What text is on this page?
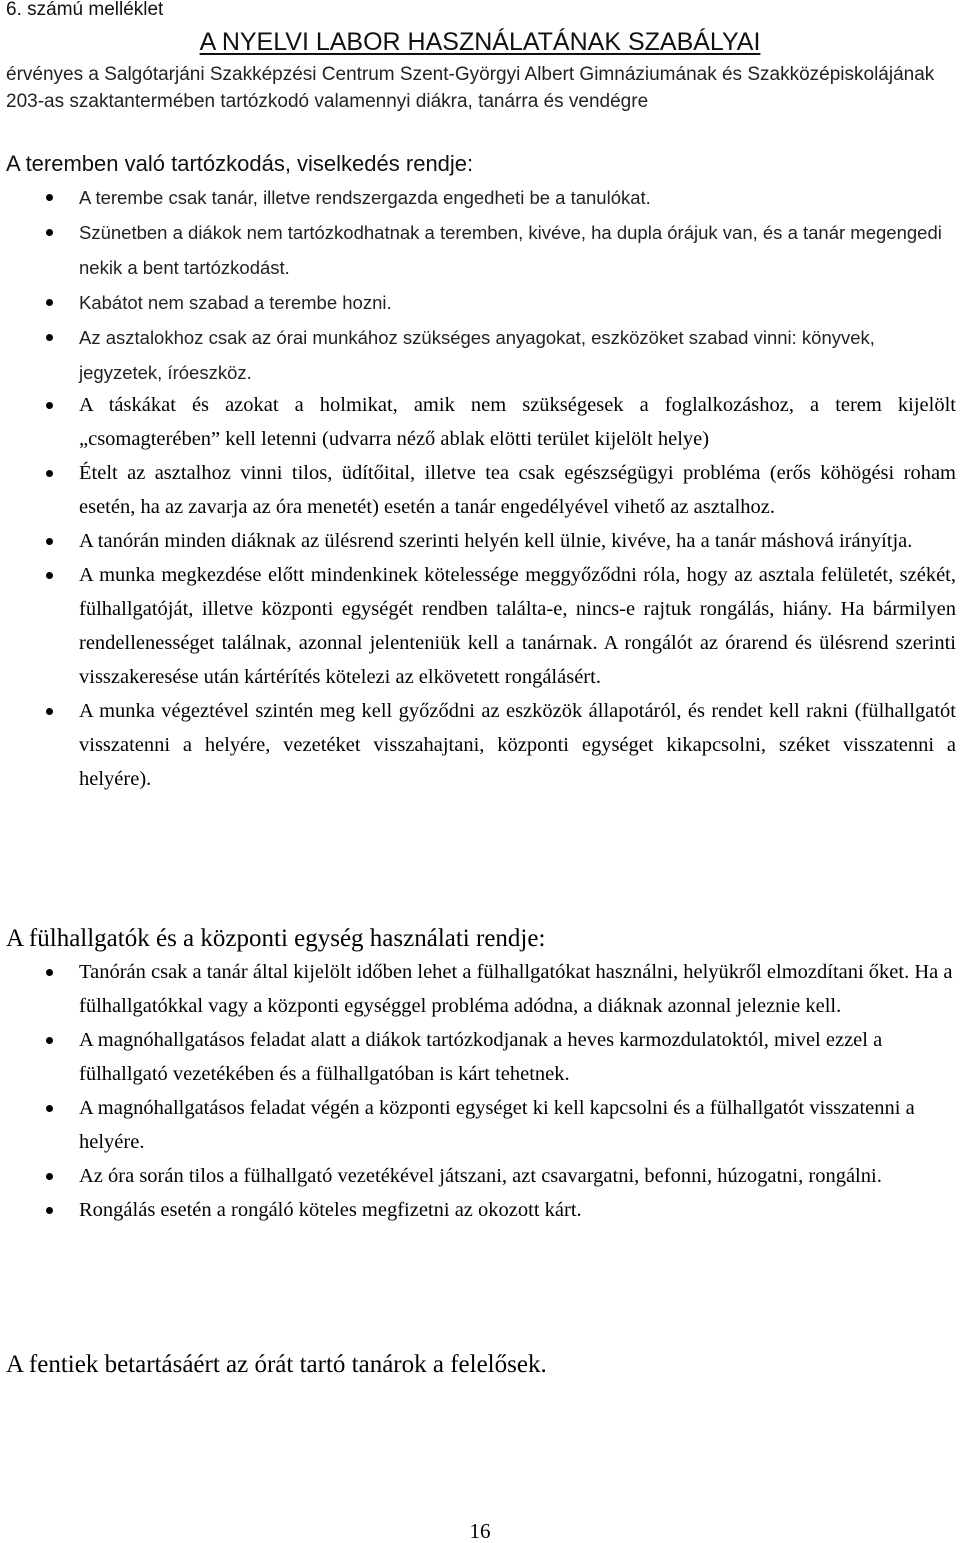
6. számú melléklet
A NYELVI LABOR HASZNÁLATÁNAK SZABÁLYAI
érvényes a Salgótarjáni Szakképzési Centrum Szent-Györgyi Albert Gimnáziumának és Szakközépiskolájának 203-as szaktantermében tartózkodó valamennyi diákra, tanárra és vendégre
A teremben való tartózkodás, viselkedés rendje:
A terembe csak tanár, illetve rendszergazda engedheti be a tanulókat.
Szünetben a diákok nem tartózkodhatnak a teremben, kivéve, ha dupla órájuk van, és a tanár megengedi nekik a bent tartózkodást.
Kabátot nem szabad a terembe hozni.
Az asztalokhoz csak az órai munkához szükséges anyagokat, eszközöket szabad vinni: könyvek, jegyzetek, íróeszköz.
A táskákat és azokat a holmikat, amik nem szükségesek a foglalkozáshoz, a terem kijelölt „csomagterében” kell letenni (udvarra néző ablak elötti terület kijelölt helye)
Ételt az asztalhoz vinni tilos, üdítőital, illetve tea csak egészségügyi probléma (erős köhögési roham esetén, ha az zavarja az óra menetét) esetén a tanár engedélyével vihető az asztalhoz.
A tanórán minden diáknak az ülésrend szerinti helyén kell ülnie, kivéve, ha a tanár máshová irányítja.
A munka megkezdése előtt mindenkinek kötelessége meggyőződni róla, hogy az asztala felületét, székét, fülhallgatóját, illetve központi egységét rendben találta-e, nincs-e rajtuk rongálás, hiány. Ha bármilyen rendellenességet találnak, azonnal jelenteniük kell a tanárnak. A rongálót az órarend és ülésrend szerinti visszakeresése után kártérítés kötelezi az elkövetett rongálásért.
A munka végeztével szintén meg kell győződni az eszközök állapotáról, és rendet kell rakni (fülhallgatót visszatenni a helyére, vezetéket visszahajtani, központi egységet kikapcsolni, széket visszatenni a helyére).
A fülhallgatók és a központi egység használati rendje:
Tanórán csak a tanár által kijelölt időben lehet a fülhallgatókat használni, helyükről elmozdítani őket. Ha a fülhallgatókkal vagy a központi egységgel probléma adódna, a diáknak azonnal jeleznie kell.
A magnóhallgatásos feladat alatt a diákok tartózkodjanak a heves karmozdulatoktól, mivel ezzel a fülhallgató vezetékében és a fülhallgatóban is kárt tehetnek.
A magnóhallgatásos feladat végén a központi egységet ki kell kapcsolni és a fülhallgatót visszatenni a helyére.
Az óra során tilos a fülhallgató vezetékével játszani, azt csavargatni, befonni, húzogatni, rongálni.
Rongálás esetén a rongáló köteles megfizetni az okozott kárt.
A fentiek betartásáért az órát tartó tanárok a felelősek.
16
